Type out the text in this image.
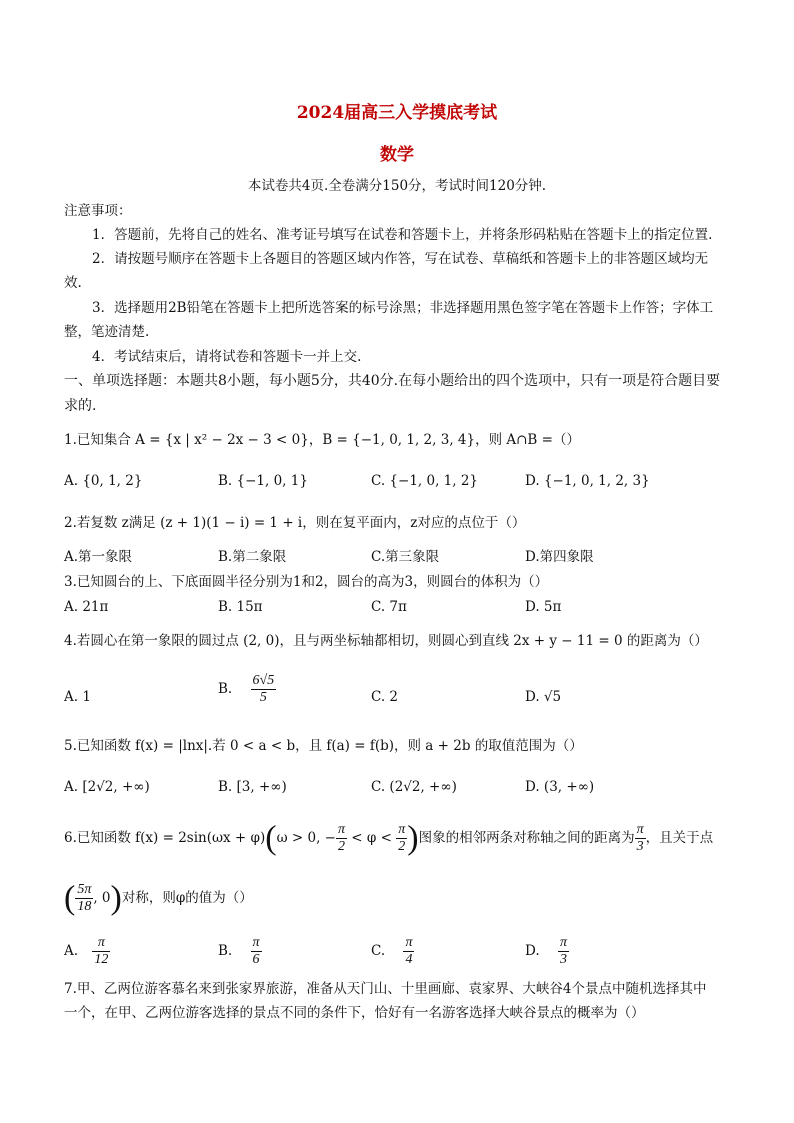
2024届高三入学摸底考试
数学
本试卷共4页.全卷满分150分，考试时间120分钟.
注意事项：
1．答题前，先将自己的姓名、准考证号填写在试卷和答题卡上，并将条形码粘贴在答题卡上的指定位置.
2．请按题号顺序在答题卡上各题目的答题区域内作答，写在试卷、草稿纸和答题卡上的非答题区域均无
效.
3．选择题用2B铅笔在答题卡上把所选答案的标号涂黑；非选择题用黑色签字笔在答题卡上作答；字体工
整，笔迹清楚.
4．考试结束后，请将试卷和答题卡一并上交.
一、单项选择题：本题共8小题，每小题5分，共40分.在每小题给出的四个选项中，只有一项是符合题目要
求的.
1.已知集合 A = {x | x² − 2x − 3 < 0}，B = {−1, 0, 1, 2, 3, 4}，则 A∩B =（）
A. {0, 1, 2}	B. {−1, 0, 1}	C. {−1, 0, 1, 2}	D. {−1, 0, 1, 2, 3}
2.若复数 z满足 (z + 1)(1 − i) = 1 + i，则在复平面内，z对应的点位于（）
A.第一象限	B.第二象限	C.第三象限	D.第四象限
3.已知圆台的上、下底面圆半径分别为1和2，圆台的高为3，则圆台的体积为（）
A. 21π	B. 15π	C. 7π	D. 5π
4.若圆心在第一象限的圆过点 (2, 0)，且与两坐标轴都相切，则圆心到直线 2x + y − 11 = 0 的距离为（）
A. 1	B. $\frac{6√5}{5}$	C. 2	D. √5
5.已知函数 f(x) = |lnx|.若 0 < a < b，且 f(a) = f(b)，则 a + 2b 的取值范围为（）
A. [2√2, +∞)	B. [3, +∞)	C. (2√2, +∞)	D. (3, +∞)
6.已知函数 f(x) = 2sin(ωx + φ)(ω > 0, − $\frac{\pi}{2} < \varphi < \frac{\pi}{2}$ )图象的相邻两条对称轴之间的距离为 $\frac{\pi}{3}$ ，且关于点
( $\frac{5\pi}{18}$ , 0)对称，则φ的值为（）
A. $\frac{\pi}{12}$	B. $\frac{\pi}{6}$	C. $\frac{\pi}{4}$	D. $\frac{\pi}{3}$
7.甲、乙两位游客慕名来到张家界旅游，准备从天门山、十里画廊、袁家界、大峡谷4个景点中随机选择其中
一个，在甲、乙两位游客选择的景点不同的条件下，恰好有一名游客选择大峡谷景点的概率为（）
